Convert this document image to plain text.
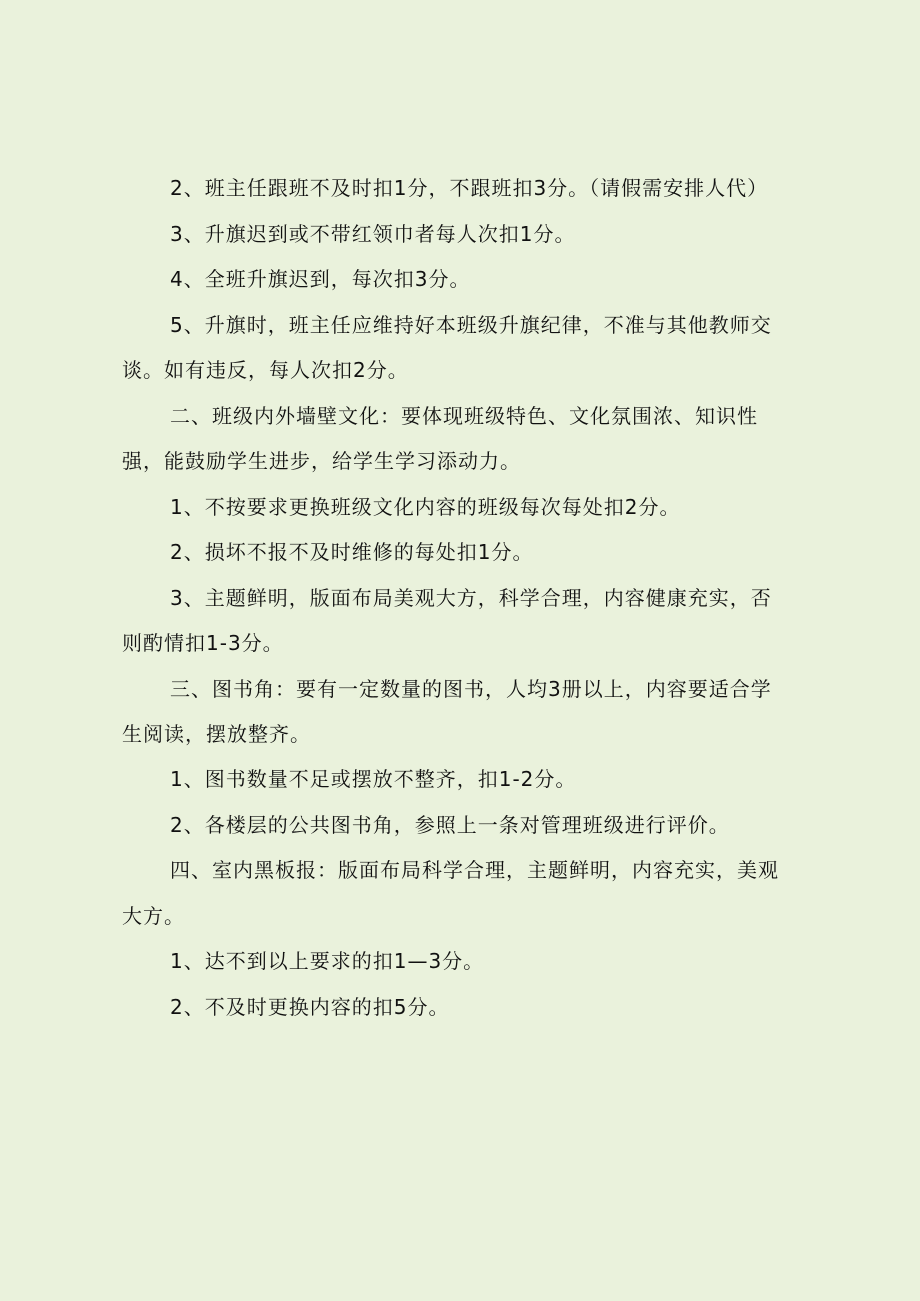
2、班主任跟班不及时扣1分，不跟班扣3分。（请假需安排人代）
3、升旗迟到或不带红领巾者每人次扣1分。
4、全班升旗迟到，每次扣3分。
5、升旗时，班主任应维持好本班级升旗纪律，不准与其他教师交
谈。如有违反，每人次扣2分。
二、班级内外墙壁文化：要体现班级特色、文化氛围浓、知识性
强，能鼓励学生进步，给学生学习添动力。
1、不按要求更换班级文化内容的班级每次每处扣2分。
2、损坏不报不及时维修的每处扣1分。
3、主题鲜明，版面布局美观大方，科学合理，内容健康充实，否
则酌情扣1-3分。
三、图书角：要有一定数量的图书，人均3册以上，内容要适合学
生阅读，摆放整齐。
1、图书数量不足或摆放不整齐，扣1-2分。
2、各楼层的公共图书角，参照上一条对管理班级进行评价。
四、室内黑板报：版面布局科学合理，主题鲜明，内容充实，美观
大方。
1、达不到以上要求的扣1—3分。
2、不及时更换内容的扣5分。
